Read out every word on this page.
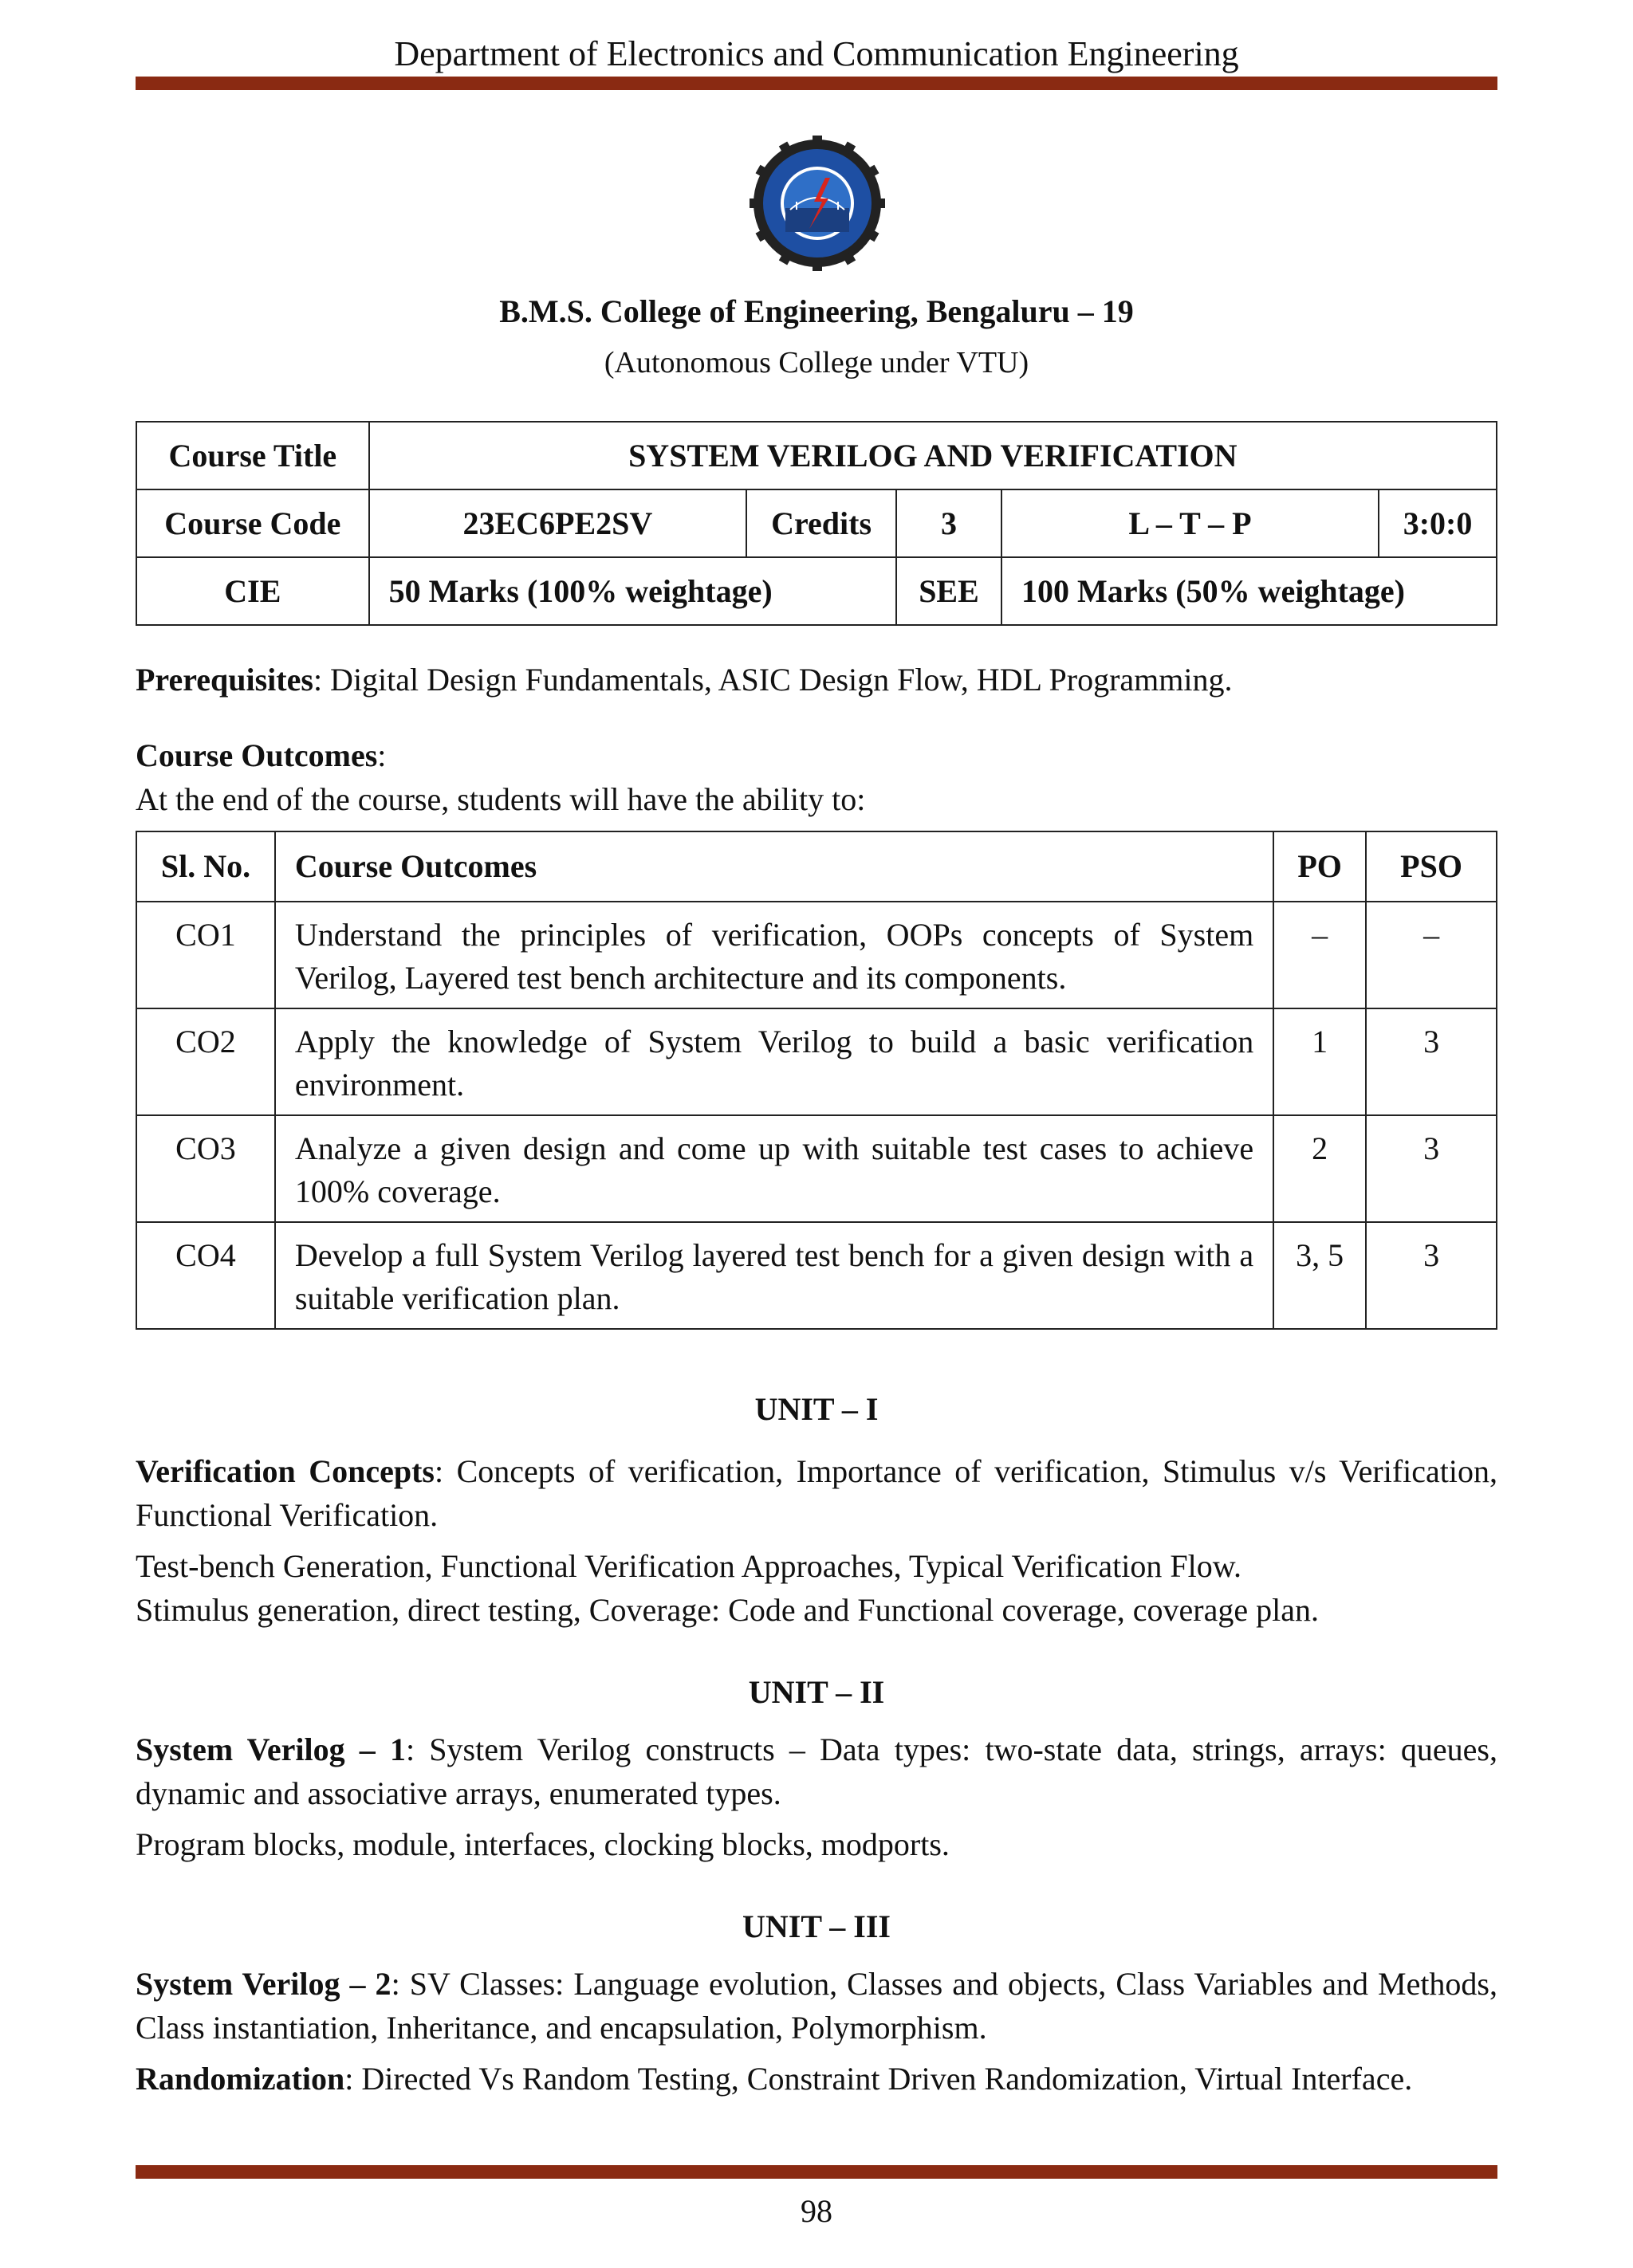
Department of Electronics and Communication Engineering
B.M.S. College of Engineering, Bengaluru – 19
(Autonomous College under VTU)
Course Title	SYSTEM VERILOG AND VERIFICATION				
Course Code	23EC6PE2SV	Credits	3	L – T – P	3:0:0
CIE	50 Marks (100% weightage)		SEE	100 Marks (50% weightage)	
Prerequisites: Digital Design Fundamentals, ASIC Design Flow, HDL Programming.
Course Outcomes:
At the end of the course, students will have the ability to:
Sl. No.	Course Outcomes	PO	PSO
CO1	Understand the principles of verification, OOPs concepts of System Verilog, Layered test bench architecture and its components.	–	–
CO2	Apply the knowledge of System Verilog to build a basic verification environment.	1	3
CO3	Analyze a given design and come up with suitable test cases to achieve 100% coverage.	2	3
CO4	Develop a full System Verilog layered test bench for a given design with a suitable verification plan.	3, 5	3
UNIT – I
Verification Concepts: Concepts of verification, Importance of verification, Stimulus v/s Verification, Functional Verification.
Test-bench Generation, Functional Verification Approaches, Typical Verification Flow.
Stimulus generation, direct testing, Coverage: Code and Functional coverage, coverage plan.
UNIT – II
System Verilog – 1: System Verilog constructs – Data types: two-state data, strings, arrays: queues, dynamic and associative arrays, enumerated types.
Program blocks, module, interfaces, clocking blocks, modports.
UNIT – III
System Verilog – 2: SV Classes: Language evolution, Classes and objects, Class Variables and Methods, Class instantiation, Inheritance, and encapsulation, Polymorphism.
Randomization: Directed Vs Random Testing, Constraint Driven Randomization, Virtual Interface.
98
